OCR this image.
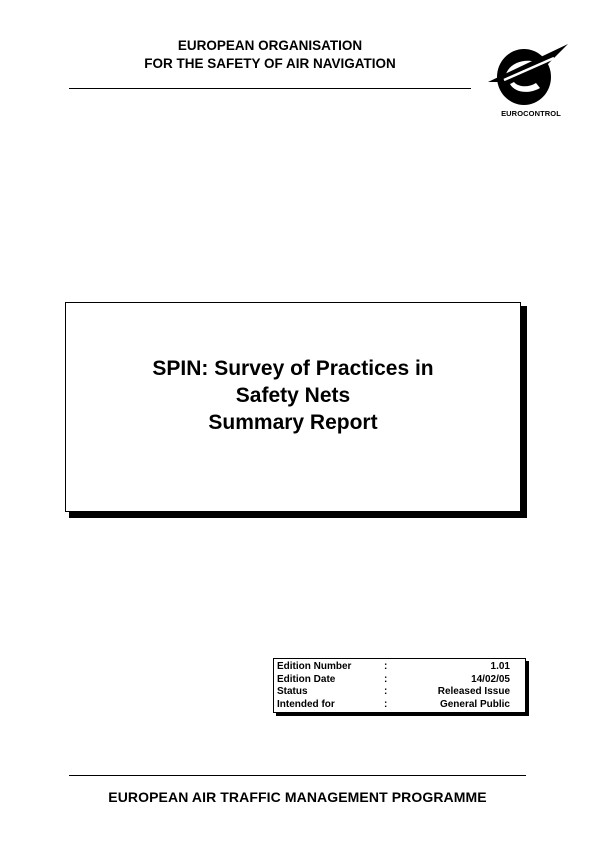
EUROPEAN ORGANISATION
FOR THE SAFETY OF AIR NAVIGATION
EUROCONTROL
SPIN: Survey of Practices in
Safety Nets
Summary Report
Edition Number	:	1.01
Edition Date	:	14/02/05
Status	:	Released Issue
Intended for	:	General Public
EUROPEAN AIR TRAFFIC MANAGEMENT PROGRAMME
